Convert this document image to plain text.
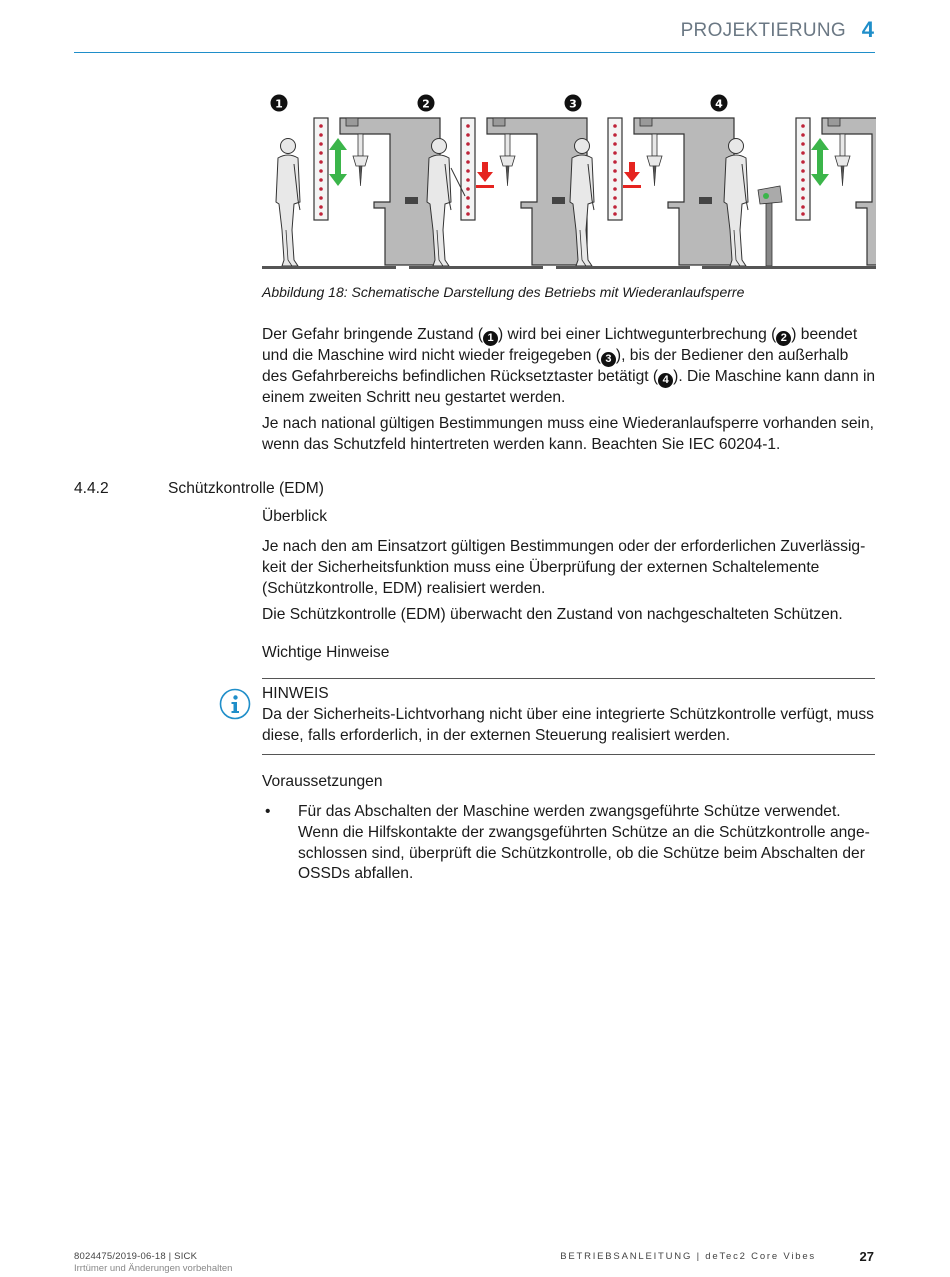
PROJEKTIERUNG 4
1	2	3	4
Abbildung 18: Schematische Darstellung des Betriebs mit Wiederanlaufsperre

Der Gefahr bringende Zustand ( 1 ) wird bei einer Lichtwegunterbrechung ( 2 ) beendet und die Maschine wird nicht wieder freigegeben ( 3 ), bis der Bediener den außerhalb des Gefahrbereichs befindlichen Rücksetztaster betätigt ( 4 ). Die Maschine kann dann in einem zweiten Schritt neu gestartet werden.

Je nach national gültigen Bestimmungen muss eine Wiederanlaufsperre vorhanden sein, wenn das Schutzfeld hintertreten werden kann. Beachten Sie IEC 60204-1.

4.4.2	Schützkontrolle (EDM)
Überblick

Je nach den am Einsatzort gültigen Bestimmungen oder der erforderlichen Zuverlässig-keit der Sicherheitsfunktion muss eine Überprüfung der externen Schaltelemente (Schützkontrolle, EDM) realisiert werden.

Die Schützkontrolle (EDM) überwacht den Zustand von nachgeschalteten Schützen.

Wichtige Hinweise
HINWEIS

Da der Sicherheits-Lichtvorhang nicht über eine integrierte Schützkontrolle verfügt, muss diese, falls erforderlich, in der externen Steuerung realisiert werden.

Voraussetzungen
• Für das Abschalten der Maschine werden zwangsgeführte Schütze verwendet. Wenn die Hilfskontakte der zwangsgeführten Schütze an die Schützkontrolle ange-schlossen sind, überprüft die Schützkontrolle, ob die Schütze beim Abschalten der OSSDs abfallen.

8024475/2019-06-18 | SICK
Irrtümer und Änderungen vorbehalten
BETRIEBSANLEITUNG | deTec2 Core Vibes	27
